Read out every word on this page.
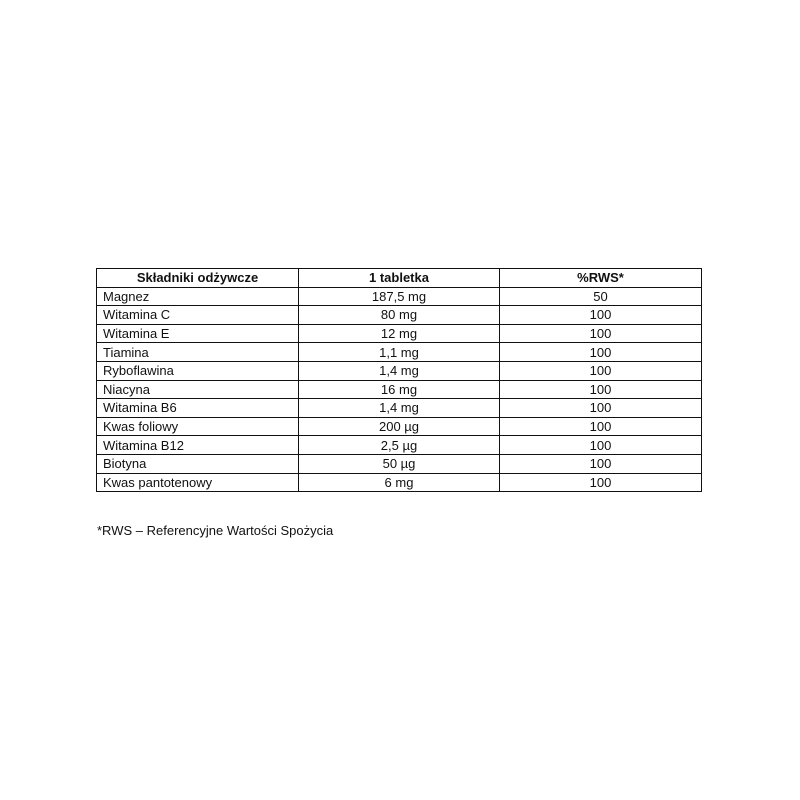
Składniki odżywcze	1 tabletka	%RWS*
Magnez	187,5 mg	50
Witamina C	80 mg	100
Witamina E	12 mg	100
Tiamina	1,1 mg	100
Ryboflawina	1,4 mg	100
Niacyna	16 mg	100
Witamina B6	1,4 mg	100
Kwas foliowy	200 µg	100
Witamina B12	2,5 µg	100
Biotyna	50 µg	100
Kwas pantotenowy	6 mg	100
*RWS – Referencyjne Wartości Spożycia
